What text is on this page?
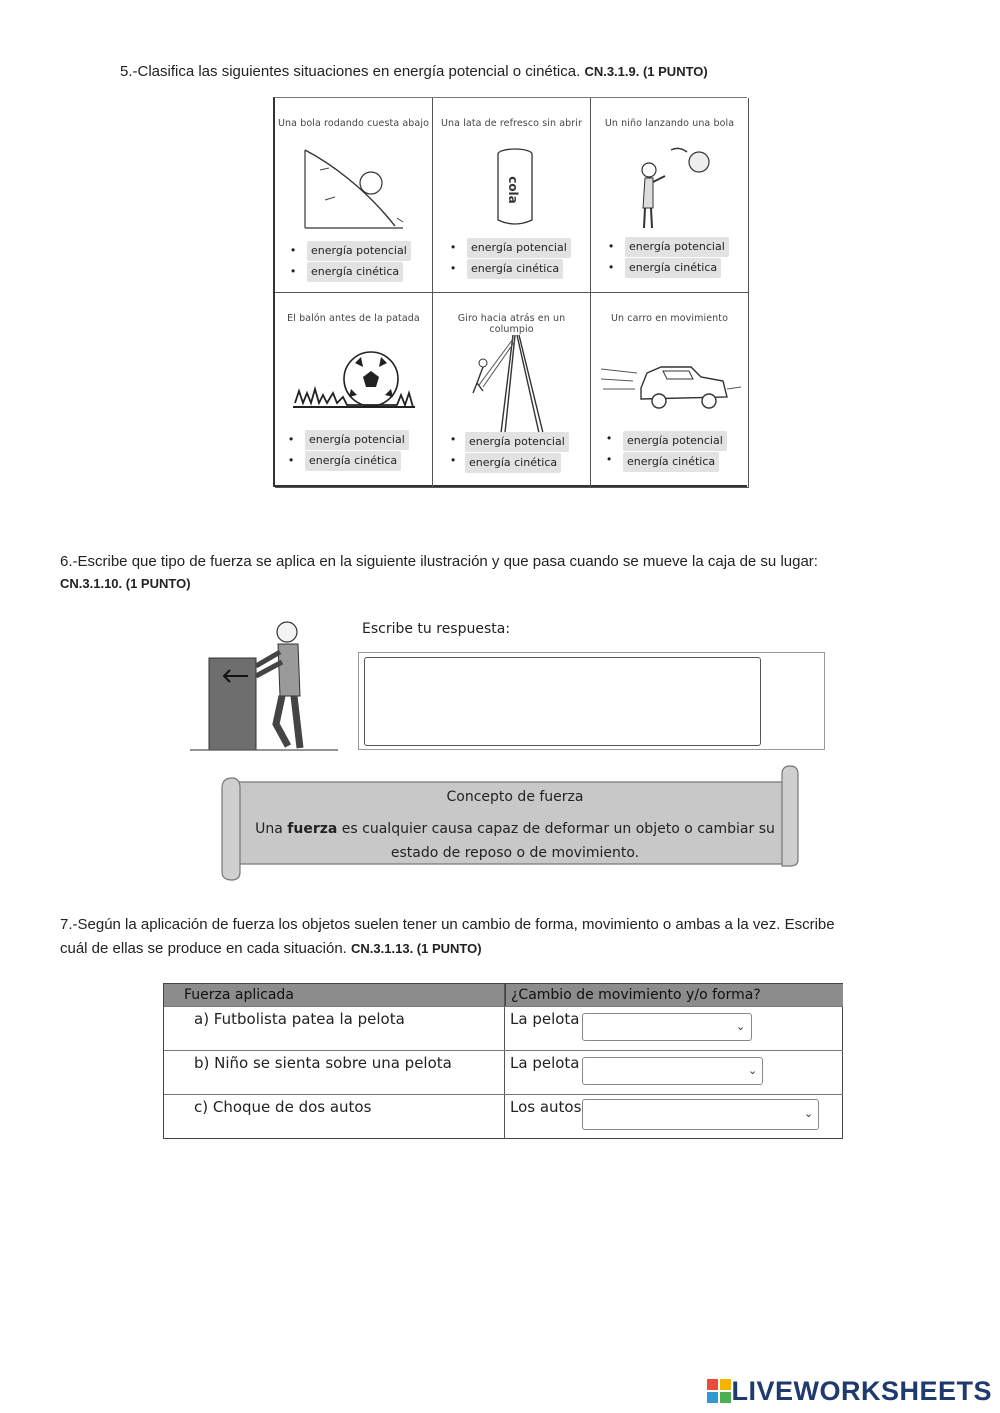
5.-Clasifica las siguientes situaciones en energía potencial o cinética. CN.3.1.9. (1 PUNTO)
Una bola rodando cuesta abajo
•	energía potencial
•	energía cinética
Una lata de refresco sin abrir
cola
•	energía potencial
•	energía cinética
Un niño lanzando una bola
•	energía potencial
•	energía cinética
El balón antes de la patada
•	energía potencial
•	energía cinética
Giro hacia atrás en un columpio
•	energía potencial
•	energía cinética
Un carro en movimiento
•	energía potencial
•	energía cinética
6.-Escribe que tipo de fuerza se aplica en la siguiente ilustración y que pasa cuando se mueve la caja de su lugar:
CN.3.1.10. (1 PUNTO)
Escribe tu respuesta:
Concepto de fuerza
Una fuerza es cualquier causa capaz de deformar un objeto o cambiar su
estado de reposo o de movimiento.
7.-Según la aplicación de fuerza los objetos suelen tener un cambio de forma, movimiento o ambas a la vez. Escribe
cuál de ellas se produce en cada situación. CN.3.1.13. (1 PUNTO)
Fuerza aplicada	¿Cambio de movimiento y/o forma?
a) Futbolista patea la pelota	La pelota	⌄
b) Niño se sienta sobre una pelota	La pelota	⌄
c) Choque de dos autos	Los autos	⌄
LIVEWORKSHEETS
